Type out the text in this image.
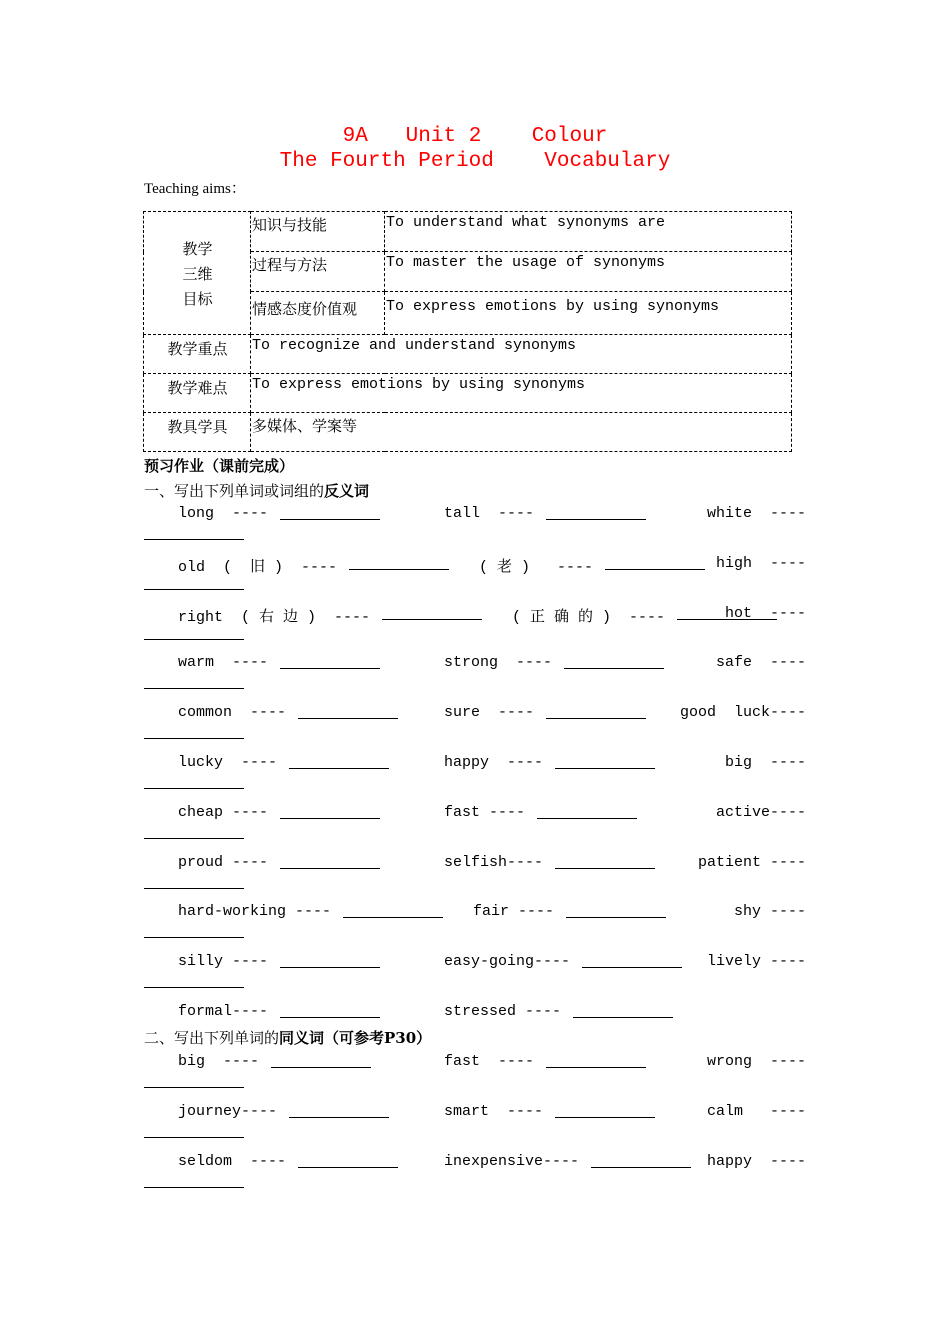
9A   Unit 2    Colour
The Fourth Period    Vocabulary
Teaching aims：
教学
三维
目标	知识与技能	To understand what synonyms are
	过程与方法	To master the usage of synonyms
	情感态度价值观	To express emotions by using synonyms
教学重点	To recognize and understand synonyms	
教学难点	To express emotions by using synonyms	
教具学具	多媒体、学案等	
预习作业（课前完成）
一、写出下列单词或词组的反义词
二、写出下列单词的同义词（可参考P30）
long  ----	tall  ----	white  ----
old  (  旧 )  ----	( 老 )   ----	high  ----
right  ( 右 边 )  ----	( 正 确 的 )  ----	hot  ----
warm  ----	strong  ----	safe  ----
common  ----	sure  ----	good  luck----
lucky  ----	happy  ----	big  ----
cheap ----	fast ----	active----
proud ----	selfish----	patient ----
hard-working ----	fair ----	shy ----
silly ----	easy-going----	lively ----
formal----	stressed ----
big  ----	fast  ----	wrong  ----
journey----	smart  ----	calm   ----
seldom  ----	inexpensive----	happy  ----
